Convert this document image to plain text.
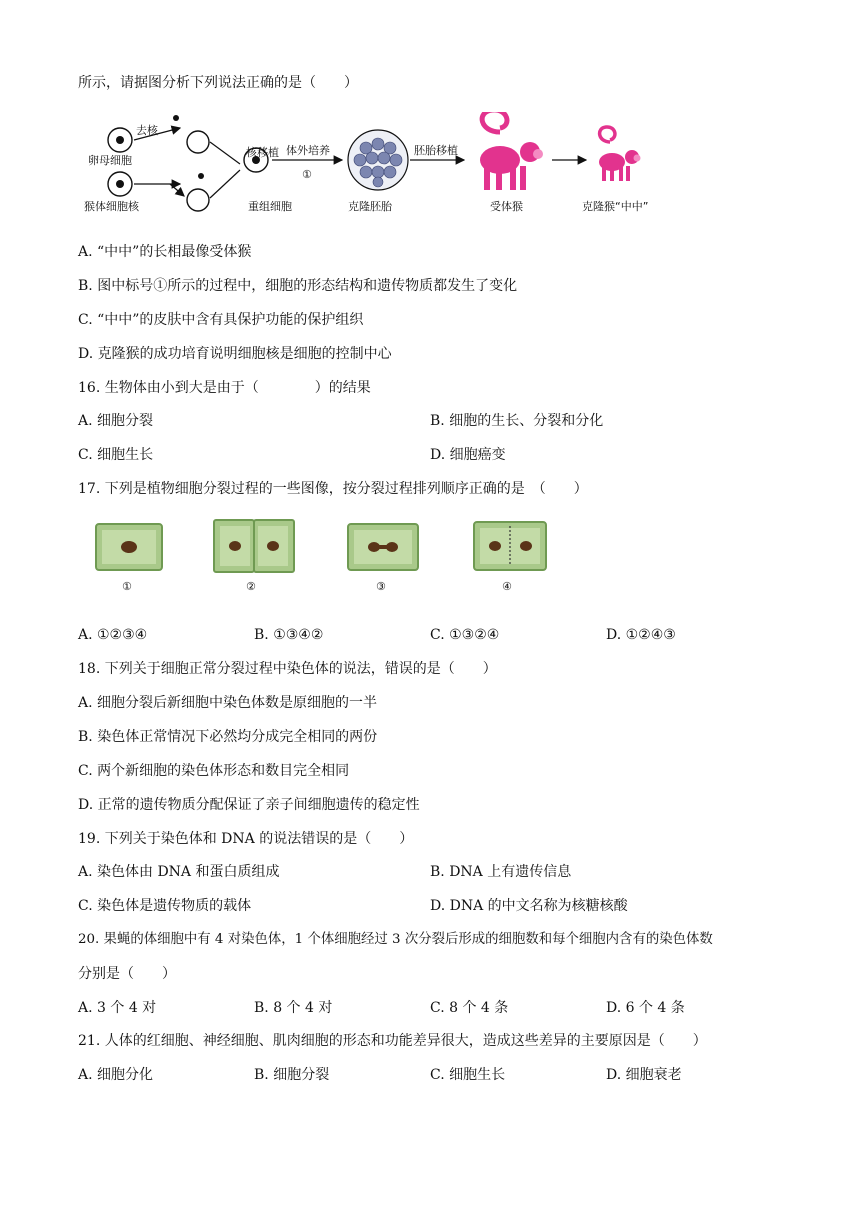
所示，请据图分析下列说法正确的是（　　）
卵母细胞
去核
猴体细胞核
核移植
重组细胞
体外培养
①
克隆胚胎
胚胎移植
受体猴	克隆猴“中中”
A. “中中”的长相最像受体猴
B. 图中标号①所示的过程中，细胞的形态结构和遗传物质都发生了变化
C. “中中”的皮肤中含有具保护功能的保护组织
D. 克隆猴的成功培育说明细胞核是细胞的控制中心
16. 生物体由小到大是由于（　　　　）的结果
A. 细胞分裂	B. 细胞的生长、分裂和分化
C. 细胞生长	D. 细胞癌变
17. 下列是植物细胞分裂过程的一些图像，按分裂过程排列顺序正确的是　（　　）
①	②	③	④
A. ①②③④	B. ①③④②	C. ①③②④	D. ①②④③
18. 下列关于细胞正常分裂过程中染色体的说法，错误的是（　　）
A. 细胞分裂后新细胞中染色体数是原细胞的一半
B. 染色体正常情况下必然均分成完全相同的两份
C. 两个新细胞的染色体形态和数目完全相同
D. 正常的遗传物质分配保证了亲子间细胞遗传的稳定性
19. 下列关于染色体和 DNA 的说法错误的是（　　）
A. 染色体由 DNA 和蛋白质组成	B. DNA 上有遗传信息
C. 染色体是遗传物质的载体	D. DNA 的中文名称为核糖核酸
20. 果蝇的体细胞中有 4 对染色体，1 个体细胞经过 3 次分裂后形成的细胞数和每个细胞内含有的染色体数
分别是（　　）
A. 3 个 4 对	B. 8 个 4 对	C. 8 个 4 条	D. 6 个 4 条
21. 人体的红细胞、神经细胞、肌肉细胞的形态和功能差异很大，造成这些差异的主要原因是（　　）
A. 细胞分化	B. 细胞分裂	C. 细胞生长	D. 细胞衰老
